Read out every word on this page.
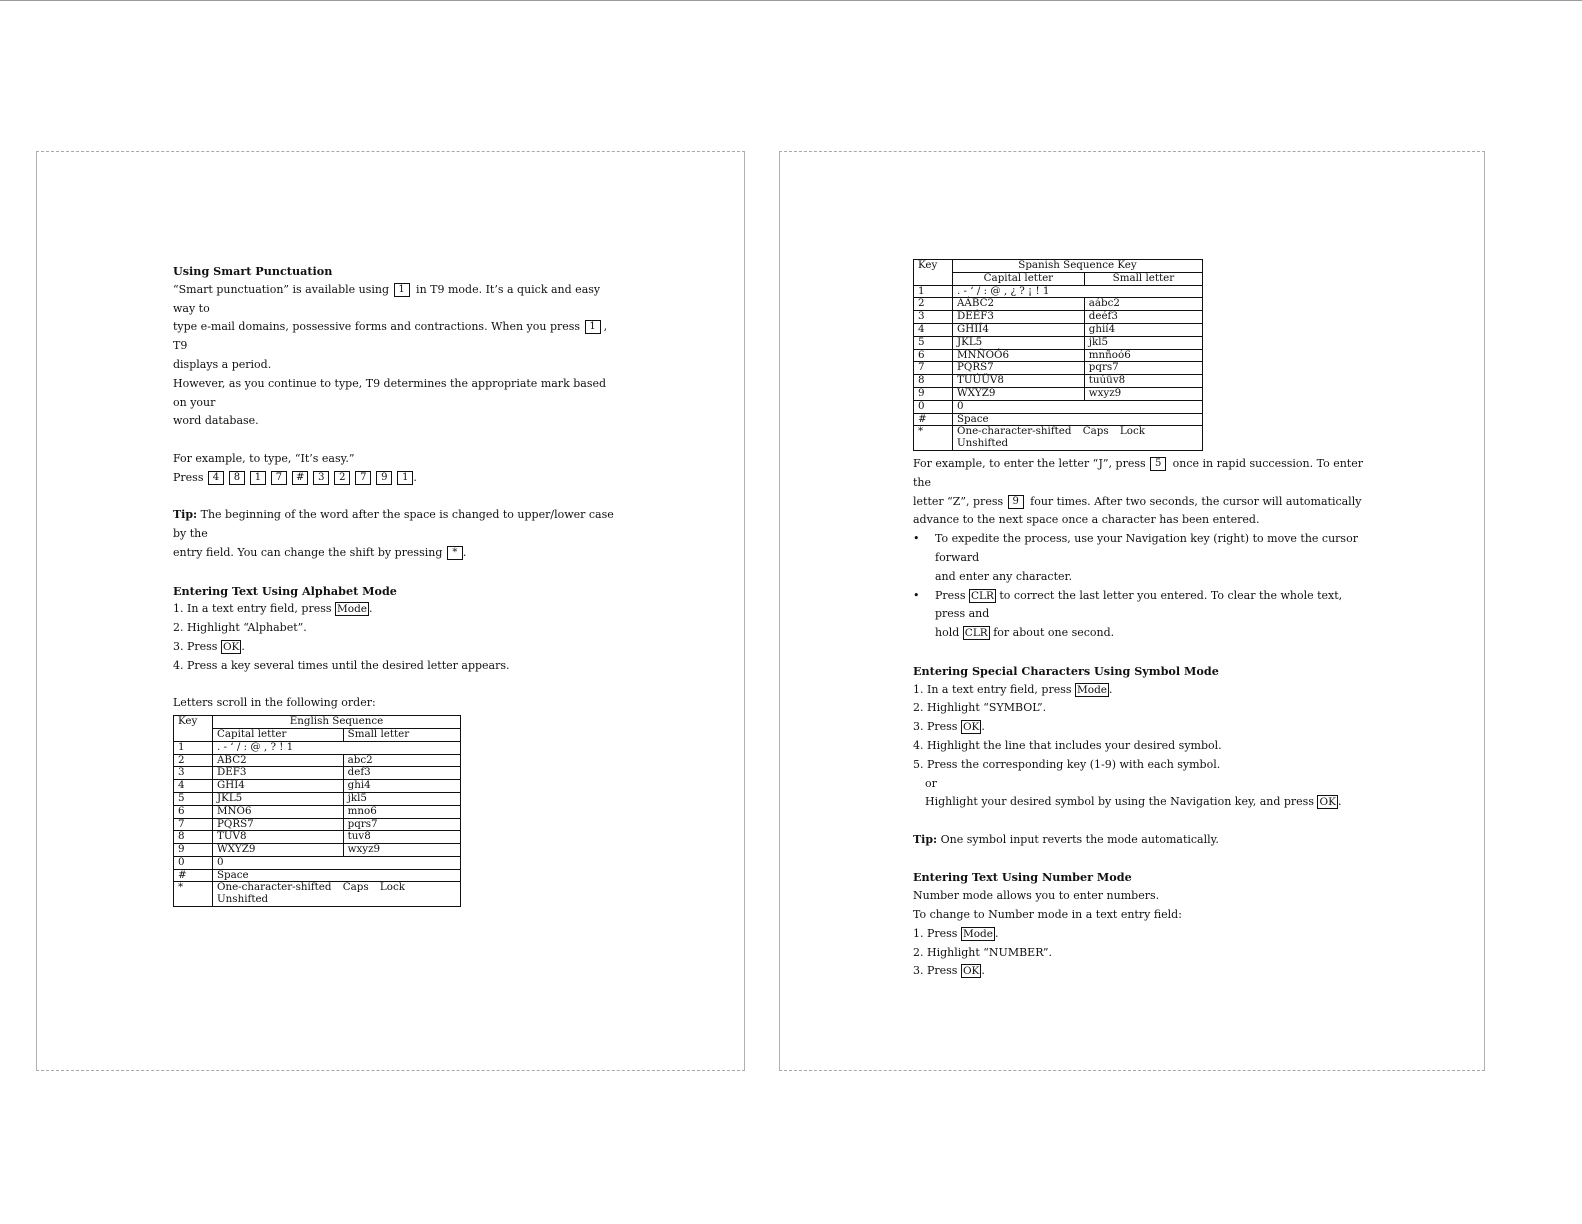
Using Smart Punctuation

“Smart punctuation” is available using 1 in T9 mode. It’s a quick and easy way to

type e-mail domains, possessive forms and contractions. When you press 1 , T9

displays a period.

However, as you continue to type, T9 determines the appropriate mark based on your

word database.

For example, to type, “It’s easy.”

Press 4 8 1 7 # 3 2 7 9 1 .

Tip: The beginning of the word after the space is changed to upper/lower case by the

entry field. You can change the shift by pressing * .

Entering Text Using Alphabet Mode

1. In a text entry field, press Mode .

2. Highlight “Alphabet”.

3. Press OK .

4. Press a key several times until the desired letter appears.

Letters scroll in the following order:

Key	English Sequence	
	Capital letter	Small letter
1	. - ‘ / : @ , ? ! 1	
2	ABC2	abc2
3	DEF3	def3
4	GHI4	ghi4
5	JKL5	jkl5
6	MNO6	mno6
7	PQRS7	pqrs7
8	TUV8	tuv8
9	WXYZ9	wxyz9
0	0	
#	Space	
*	One-character-shifted Caps Lock Unshifted	
Key	Spanish Sequence Key	
	Capital letter	Small letter
1	. - ‘ / : @ , ¿ ? ¡ ! 1	
2	AÁBC2	aábc2
3	DEÉF3	deéf3
4	GHIÍ4	ghií4
5	JKL5	jkl5
6	MNÑOÓ6	mnñoó6
7	PQRS7	pqrs7
8	TUÚÜV8	tuúüv8
9	WXYZ9	wxyz9
0	0	
#	Space	
*	One-character-shifted Caps Lock Unshifted	

For example, to enter the letter “J”, press 5 once in rapid succession. To enter the

letter “Z”, press 9 four times. After two seconds, the cursor will automatically

advance to the next space once a character has been entered.

• To expedite the process, use your Navigation key (right) to move the cursor forward

and enter any character.

• Press CLR to correct the last letter you entered. To clear the whole text, press and

hold CLR for about one second.

Entering Special Characters Using Symbol Mode

1. In a text entry field, press Mode .

2. Highlight “SYMBOL”.

3. Press OK .

4. Highlight the line that includes your desired symbol.

5. Press the corresponding key (1-9) with each symbol.

or

Highlight your desired symbol by using the Navigation key, and press OK .

Tip: One symbol input reverts the mode automatically.

Entering Text Using Number Mode

Number mode allows you to enter numbers.

To change to Number mode in a text entry field:

1. Press Mode .

2. Highlight “NUMBER”.

3. Press OK .
